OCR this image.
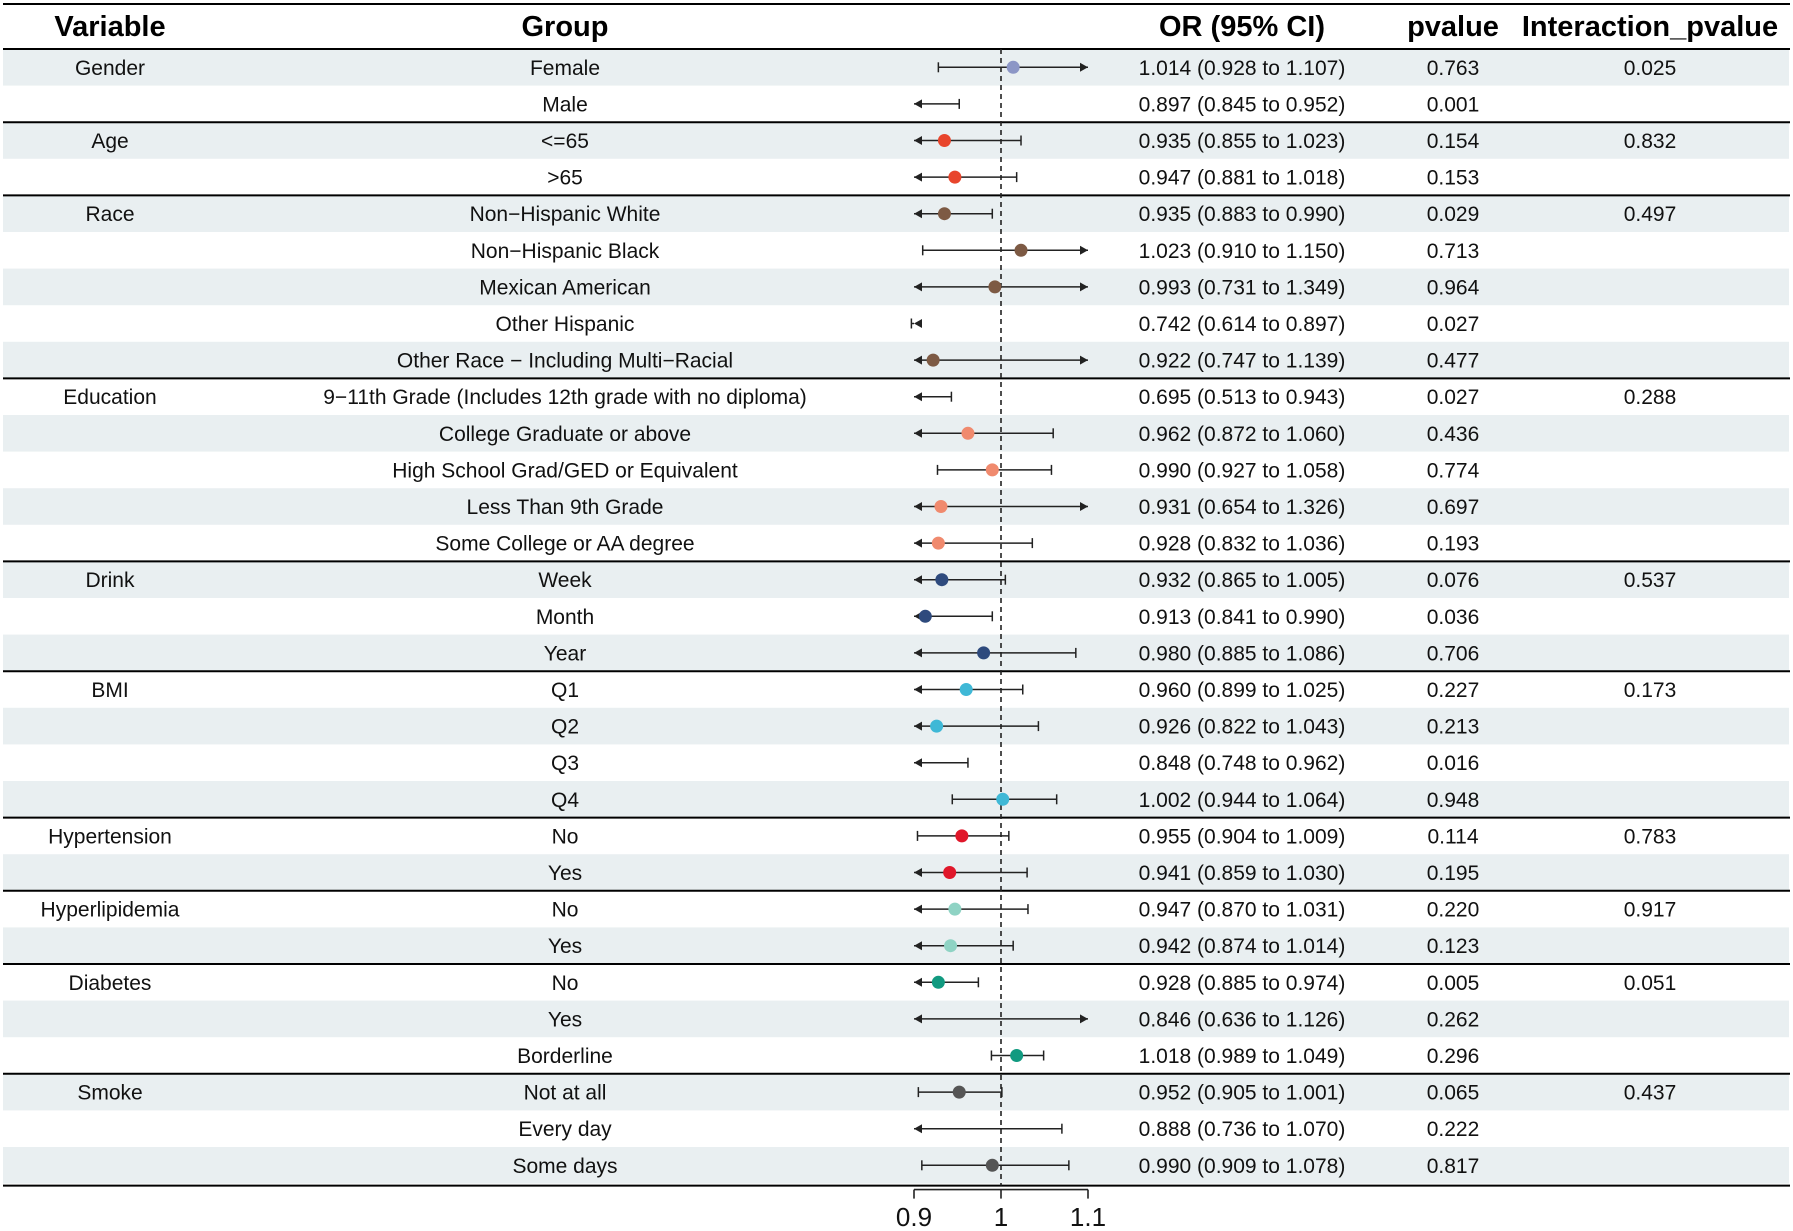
Variable	Group	OR (95% CI)	pvalue Interaction_pvalue
Gender	Female	1.014 (0.928 to 1.107)	0.763	0.025
Male	0.897 (0.845 to 0.952)	0.001
Age	<=65	0.935 (0.855 to 1.023)	0.154	0.832
>65	0.947 (0.881 to 1.018)	0.153
Race	Non−Hispanic White	0.935 (0.883 to 0.990)	0.029	0.497
Non−Hispanic Black	1.023 (0.910 to 1.150)	0.713
Mexican American	0.993 (0.731 to 1.349)	0.964
Other Hispanic	0.742 (0.614 to 0.897)	0.027
Other Race − Including Multi−Racial	0.922 (0.747 to 1.139)	0.477
Education	9−11th Grade (Includes 12th grade with no diploma)	0.695 (0.513 to 0.943)	0.027	0.288
College Graduate or above	0.962 (0.872 to 1.060)	0.436
High School Grad/GED or Equivalent	0.990 (0.927 to 1.058)	0.774
Less Than 9th Grade	0.931 (0.654 to 1.326)	0.697
Some College or AA degree	0.928 (0.832 to 1.036)	0.193
Drink	Week	0.932 (0.865 to 1.005)	0.076	0.537
Month	0.913 (0.841 to 0.990)	0.036
Year	0.980 (0.885 to 1.086)	0.706
BMI	Q1	0.960 (0.899 to 1.025)	0.227	0.173
Q2	0.926 (0.822 to 1.043)	0.213
Q3	0.848 (0.748 to 0.962)	0.016
Q4	1.002 (0.944 to 1.064)	0.948
Hypertension	No	0.955 (0.904 to 1.009)	0.114	0.783
Yes	0.941 (0.859 to 1.030)	0.195
Hyperlipidemia	No	0.947 (0.870 to 1.031)	0.220	0.917
Yes	0.942 (0.874 to 1.014)	0.123
Diabetes	No	0.928 (0.885 to 0.974)	0.005	0.051
Yes	0.846 (0.636 to 1.126)	0.262
Borderline	1.018 (0.989 to 1.049)	0.296
Smoke	Not at all	0.952 (0.905 to 1.001)	0.065	0.437
Every day	0.888 (0.736 to 1.070)	0.222
Some days	0.990 (0.909 to 1.078)	0.817
0.9 1 1.1
